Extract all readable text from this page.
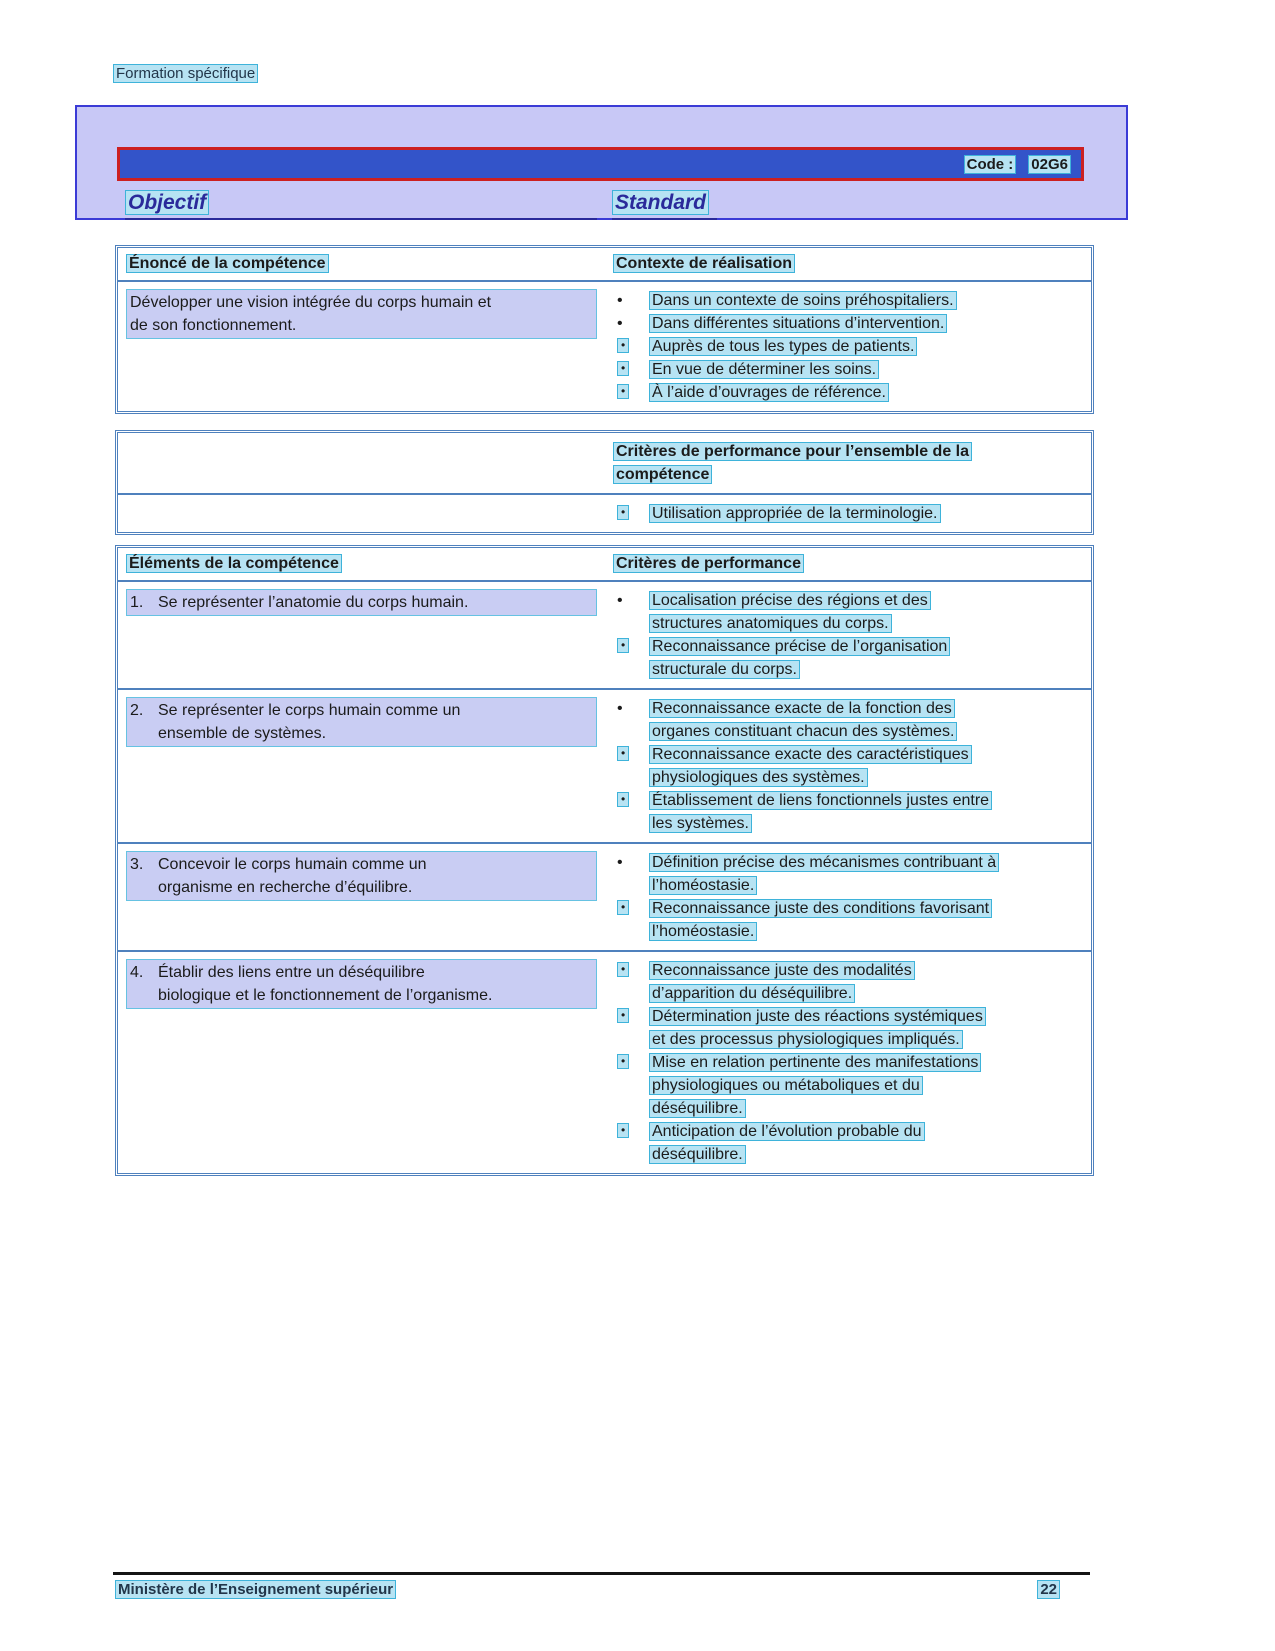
Formation spécifique
Code : 02G6
Objectif	Standard
Énoncé de la compétence	Contexte de réalisation
Développer une vision intégrée du corps humain et
de son fonctionnement.
•	Dans un contexte de soins préhospitaliers.
•	Dans différentes situations d’intervention.
•	Auprès de tous les types de patients.
•	En vue de déterminer les soins.
•	À l’aide d’ouvrages de référence.
Critères de performance pour l’ensemble de la
compétence
•	Utilisation appropriée de la terminologie.
Éléments de la compétence	Critères de performance
1. Se représenter l’anatomie du corps humain.	•	Localisation précise des régions et des
structures anatomiques du corps.
•	Reconnaissance précise de l’organisation
structurale du corps.
2. Se représenter le corps humain comme un
ensemble de systèmes.
•	Reconnaissance exacte de la fonction des
organes constituant chacun des systèmes.
•	Reconnaissance exacte des caractéristiques
physiologiques des systèmes.
•	Établissement de liens fonctionnels justes entre
les systèmes.
3. Concevoir le corps humain comme un
organisme en recherche d’équilibre.
•	Définition précise des mécanismes contribuant à
l’homéostasie.
•	Reconnaissance juste des conditions favorisant
l’homéostasie.
4. Établir des liens entre un déséquilibre
biologique et le fonctionnement de l’organisme.
•	Reconnaissance juste des modalités
d’apparition du déséquilibre.
•	Détermination juste des réactions systémiques
et des processus physiologiques impliqués.
•	Mise en relation pertinente des manifestations
physiologiques ou métaboliques et du
déséquilibre.
•	Anticipation de l’évolution probable du
déséquilibre.
Ministère de l’Enseignement supérieur	22
